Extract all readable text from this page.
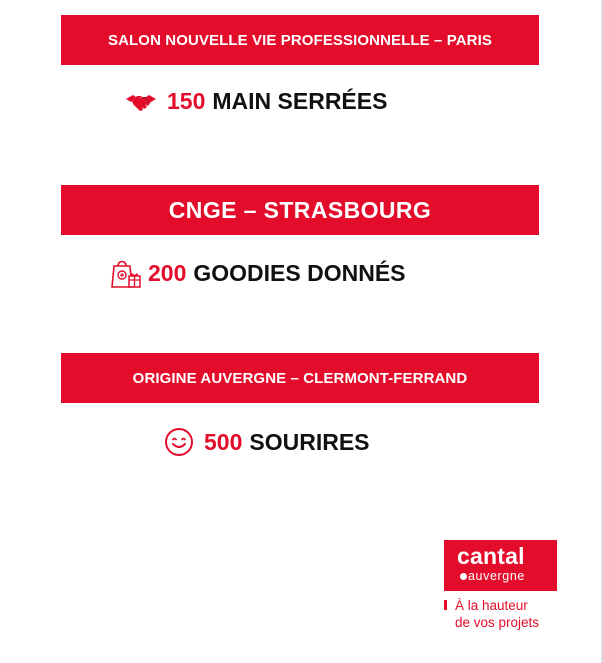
SALON NOUVELLE VIE PROFESSIONNELLE – PARIS
150 MAIN SERRÉES
CNGE – STRASBOURG
200 GOODIES DONNÉS
ORIGINE AUVERGNE – CLERMONT-FERRAND
500 SOURIRES
cantal
auvergne
À la hauteur
de vos projets
